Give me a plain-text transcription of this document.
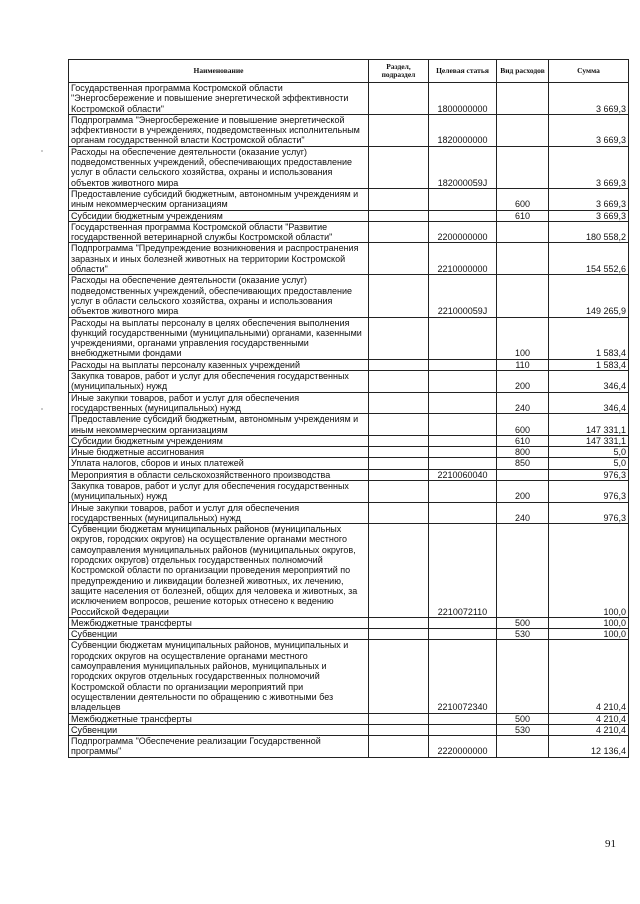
Наименование	Раздел, подраздел	Целевая статья	Вид расходов	Сумма
Государственная программа Костромской области "Энергосбережение и повышение энергетической эффективности Костромской области"		1800000000		3 669,3
Подпрограмма "Энергосбережение и повышение энергетической эффективности в учреждениях, подведомственных исполнительным органам государственной власти Костромской области"		1820000000		3 669,3
Расходы на обеспечение деятельности (оказание услуг) подведомственных учреждений, обеспечивающих предоставление услуг в области сельского хозяйства, охраны и использования объектов животного мира		182000059J		3 669,3
Предоставление субсидий бюджетным, автономным учреждениям и иным некоммерческим организациям			600	3 669,3
Субсидии бюджетным учреждениям			610	3 669,3
Государственная программа Костромской области "Развитие государственной ветеринарной службы Костромской области"		2200000000		180 558,2
Подпрограмма "Предупреждение возникновения и распространения заразных и иных болезней животных на территории Костромской области"		2210000000		154 552,6
Расходы на обеспечение деятельности (оказание услуг) подведомственных учреждений, обеспечивающих предоставление услуг в области сельского хозяйства, охраны и использования объектов животного мира		221000059J		149 265,9
Расходы на выплаты персоналу в целях обеспечения выполнения функций государственными (муниципальными) органами, казенными учреждениями, органами управления государственными внебюджетными фондами			100	1 583,4
Расходы на выплаты персоналу казенных учреждений			110	1 583,4
Закупка товаров, работ и услуг для обеспечения государственных (муниципальных) нужд			200	346,4
Иные закупки товаров, работ и услуг для обеспечения государственных (муниципальных) нужд			240	346,4
Предоставление субсидий бюджетным, автономным учреждениям и иным некоммерческим организациям			600	147 331,1
Субсидии бюджетным учреждениям			610	147 331,1
Иные бюджетные ассигнования			800	5,0
Уплата налогов, сборов и иных платежей			850	5,0
Мероприятия в области сельскохозяйственного производства		2210060040		976,3
Закупка товаров, работ и услуг для обеспечения государственных (муниципальных) нужд			200	976,3
Иные закупки товаров, работ и услуг для обеспечения государственных (муниципальных) нужд			240	976,3
Субвенции бюджетам муниципальных районов (муниципальных округов, городских округов) на осуществление органами местного самоуправления муниципальных районов (муниципальных округов, городских округов) отдельных государственных полномочий Костромской области по организации проведения мероприятий по предупреждению и ликвидации болезней животных, их лечению, защите населения от болезней, общих для человека и животных, за исключением вопросов, решение которых отнесено к ведению Российской Федерации		2210072110		100,0
Межбюджетные трансферты			500	100,0
Субвенции			530	100,0
Субвенции бюджетам муниципальных районов, муниципальных и городских округов на осуществление органами местного самоуправления муниципальных районов, муниципальных и городских округов отдельных государственных полномочий Костромской области по организации мероприятий при осуществлении деятельности по обращению с животными без владельцев		2210072340		4 210,4
Межбюджетные трансферты			500	4 210,4
Субвенции			530	4 210,4
Подпрограмма "Обеспечение реализации Государственной программы"		2220000000		12 136,4
91
